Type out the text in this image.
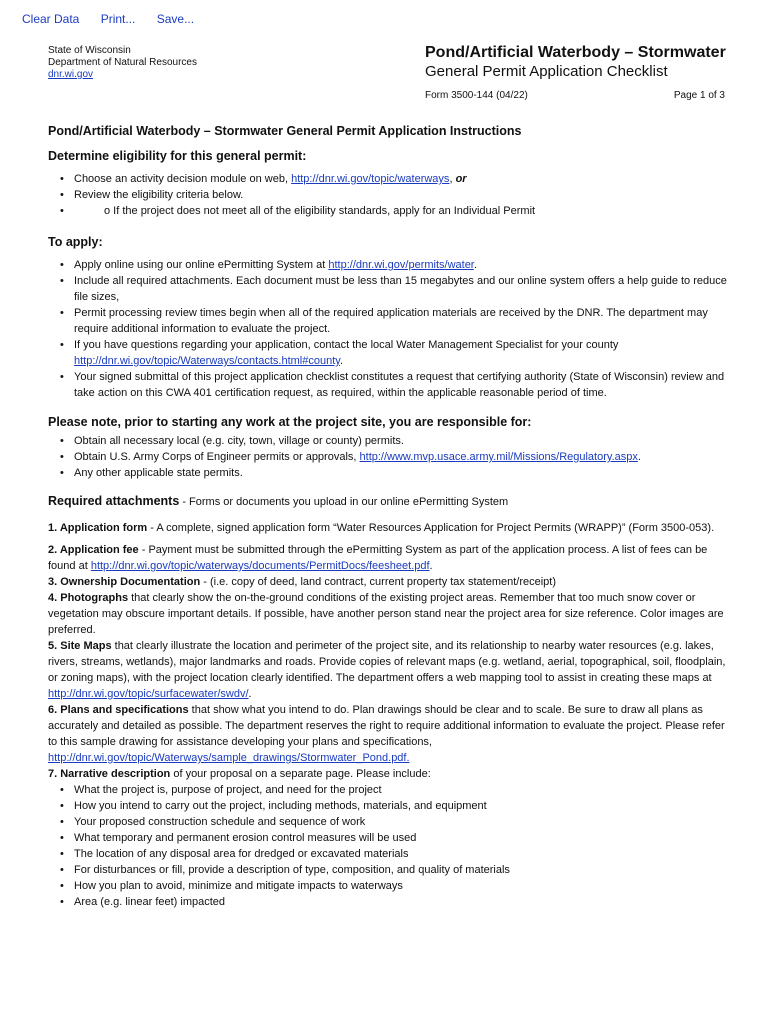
Clear Data Print... Save...
State of Wisconsin
Department of Natural Resources
dnr.wi.gov
Pond/Artificial Waterbody – Stormwater
General Permit Application Checklist
Form 3500-144 (04/22)	Page 1 of 3
Pond/Artificial Waterbody – Stormwater General Permit Application Instructions
Determine eligibility for this general permit:
• Choose an activity decision module on web, http://dnr.wi.gov/topic/waterways, or
• Review the eligibility criteria below.
• o If the project does not meet all of the eligibility standards, apply for an Individual Permit
To apply:
• Apply online using our online ePermitting System at http://dnr.wi.gov/permits/water.
• Include all required attachments. Each document must be less than 15 megabytes and our online system offers a help guide to reduce file sizes,
• Permit processing review times begin when all of the required application materials are received by the DNR. The department may require additional information to evaluate the project.
• If you have questions regarding your application, contact the local Water Management Specialist for your county http://dnr.wi.gov/topic/Waterways/contacts.html#county.
• Your signed submittal of this project application checklist constitutes a request that certifying authority (State of Wisconsin) review and take action on this CWA 401 certification request, as required, within the applicable reasonable period of time.
Please note, prior to starting any work at the project site, you are responsible for:
• Obtain all necessary local (e.g. city, town, village or county) permits.
• Obtain U.S. Army Corps of Engineer permits or approvals, http://www.mvp.usace.army.mil/Missions/Regulatory.aspx.
• Any other applicable state permits.

Required attachments - Forms or documents you upload in our online ePermitting System

1. Application form - A complete, signed application form “Water Resources Application for Project Permits (WRAPP)” (Form 3500-053).

2. Application fee - Payment must be submitted through the ePermitting System as part of the application process. A list of fees can be found at http://dnr.wi.gov/topic/waterways/documents/PermitDocs/feesheet.pdf.

3. Ownership Documentation - (i.e. copy of deed, land contract, current property tax statement/receipt)

4. Photographs that clearly show the on-the-ground conditions of the existing project areas. Remember that too much snow cover or vegetation may obscure important details. If possible, have another person stand near the project area for size reference. Color images are preferred.

5. Site Maps that clearly illustrate the location and perimeter of the project site, and its relationship to nearby water resources (e.g. lakes, rivers, streams, wetlands), major landmarks and roads. Provide copies of relevant maps (e.g. wetland, aerial, topographical, soil, floodplain, or zoning maps), with the project location clearly identified. The department offers a web mapping tool to assist in creating these maps at http://dnr.wi.gov/topic/surfacewater/swdv/.

6. Plans and specifications that show what you intend to do. Plan drawings should be clear and to scale. Be sure to draw all plans as accurately and detailed as possible. The department reserves the right to require additional information to evaluate the project. Please refer to this sample drawing for assistance developing your plans and specifications, http://dnr.wi.gov/topic/Waterways/sample_drawings/Stormwater_Pond.pdf.

7. Narrative description of your proposal on a separate page. Please include:

• What the project is, purpose of project, and need for the project
• How you intend to carry out the project, including methods, materials, and equipment
• Your proposed construction schedule and sequence of work
• What temporary and permanent erosion control measures will be used
• The location of any disposal area for dredged or excavated materials
• For disturbances or fill, provide a description of type, composition, and quality of materials
• How you plan to avoid, minimize and mitigate impacts to waterways
• Area (e.g. linear feet) impacted
